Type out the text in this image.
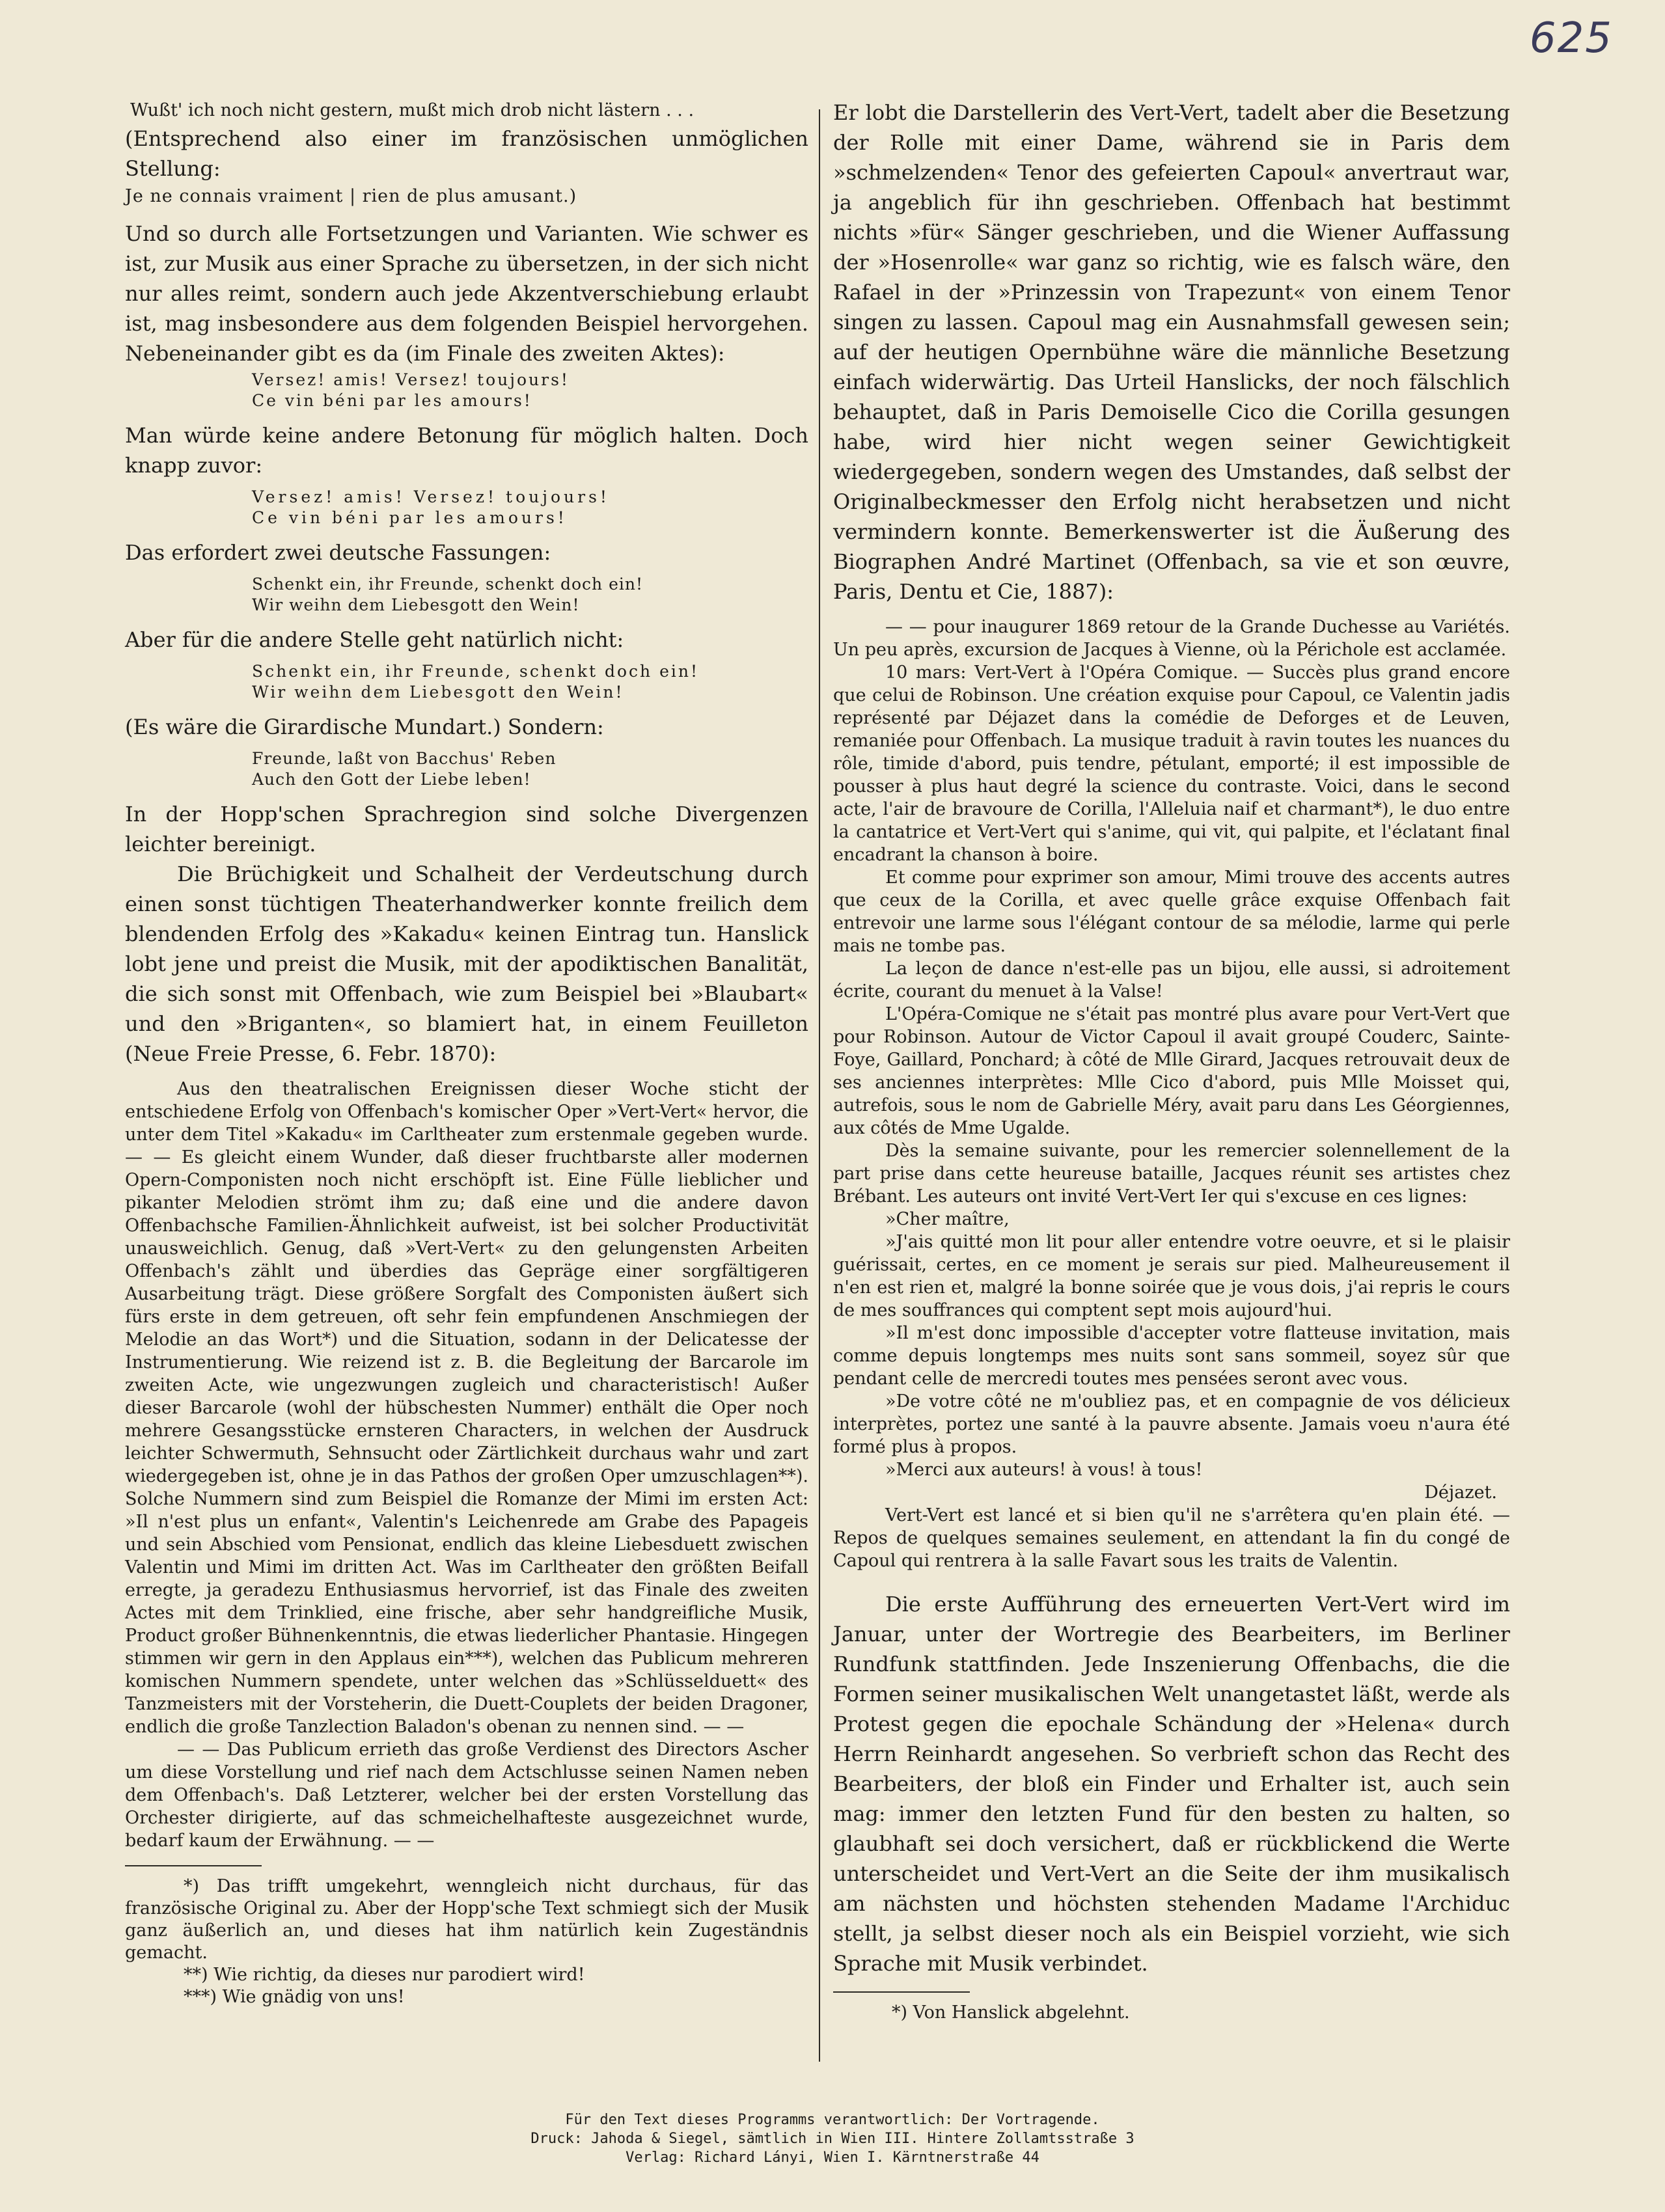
625

Wußt' ich noch nicht gestern, mußt mich drob nicht lästern . . .

(Entsprechend also einer im französischen unmöglichen Stellung:

Je ne connais vraiment | rien de plus amusant.)

Und so durch alle Fortsetzungen und Varianten. Wie schwer es ist, zur Musik aus einer Sprache zu übersetzen, in der sich nicht nur alles reimt, sondern auch jede Akzentverschiebung erlaubt ist, mag insbesondere aus dem folgenden Beispiel hervorgehen. Nebeneinander gibt es da (im Finale des zweiten Aktes):

Versez! amis! Versez! toujours!
Ce vin béni par les amours!

Man würde keine andere Betonung für möglich halten. Doch knapp zuvor:

Versez! amis! Versez! toujours!
Ce vin béni par les amours!

Das erfordert zwei deutsche Fassungen:

Schenkt ein, ihr Freunde, schenkt doch ein!
Wir weihn dem Liebesgott den Wein!

Aber für die andere Stelle geht natürlich nicht:

Schenkt ein, ihr Freunde, schenkt doch ein!
Wir weihn dem Liebesgott den Wein!

(Es wäre die Girardische Mundart.) Sondern:

Freunde, laßt von Bacchus' Reben
Auch den Gott der Liebe leben!

In der Hopp'schen Sprachregion sind solche Divergenzen leichter bereinigt.

Die Brüchigkeit und Schalheit der Verdeutschung durch einen sonst tüchtigen Theaterhandwerker konnte freilich dem blendenden Erfolg des »Kakadu« keinen Eintrag tun. Hanslick lobt jene und preist die Musik, mit der apodiktischen Banalität, die sich sonst mit Offenbach, wie zum Beispiel bei »Blaubart« und den »Briganten«, so blamiert hat, in einem Feuilleton (Neue Freie Presse, 6. Febr. 1870):

Aus den theatralischen Ereignissen dieser Woche sticht der entschiedene Erfolg von Offenbach's komischer Oper »Vert-Vert« hervor, die unter dem Titel »Kakadu« im Carltheater zum erstenmale gegeben wurde. — — Es gleicht einem Wunder, daß dieser fruchtbarste aller modernen Opern-Componisten noch nicht erschöpft ist. Eine Fülle lieblicher und pikanter Melodien strömt ihm zu; daß eine und die andere davon Offenbachsche Familien-Ähnlichkeit aufweist, ist bei solcher Productivität unausweichlich. Genug, daß »Vert-Vert« zu den gelungensten Arbeiten Offenbach's zählt und überdies das Gepräge einer sorgfältigeren Ausarbeitung trägt. Diese größere Sorgfalt des Componisten äußert sich fürs erste in dem getreuen, oft sehr fein empfundenen Anschmiegen der Melodie an das Wort*) und die Situation, sodann in der Delicatesse der Instrumentierung. Wie reizend ist z. B. die Begleitung der Barcarole im zweiten Acte, wie ungezwungen zugleich und characteristisch! Außer dieser Barcarole (wohl der hübschesten Nummer) enthält die Oper noch mehrere Gesangsstücke ernsteren Characters, in welchen der Ausdruck leichter Schwermuth, Sehnsucht oder Zärtlichkeit durchaus wahr und zart wiedergegeben ist, ohne je in das Pathos der großen Oper umzuschlagen**). Solche Nummern sind zum Beispiel die Romanze der Mimi im ersten Act: »Il n'est plus un enfant«, Valentin's Leichenrede am Grabe des Papageis und sein Abschied vom Pensionat, endlich das kleine Liebesduett zwischen Valentin und Mimi im dritten Act. Was im Carltheater den größten Beifall erregte, ja geradezu Enthusiasmus hervorrief, ist das Finale des zweiten Actes mit dem Trinklied, eine frische, aber sehr handgreifliche Musik, Product großer Bühnenkenntnis, die etwas liederlicher Phantasie. Hingegen stimmen wir gern in den Applaus ein***), welchen das Publicum mehreren komischen Nummern spendete, unter welchen das »Schlüsselduett« des Tanzmeisters mit der Vorsteherin, die Duett-Couplets der beiden Dragoner, endlich die große Tanzlection Baladon's obenan zu nennen sind. — —

— — Das Publicum errieth das große Verdienst des Directors Ascher um diese Vorstellung und rief nach dem Actschlusse seinen Namen neben dem Offenbach's. Daß Letzterer, welcher bei der ersten Vorstellung das Orchester dirigierte, auf das schmeichelhafteste ausgezeichnet wurde, bedarf kaum der Erwähnung. — —

*) Das trifft umgekehrt, wenngleich nicht durchaus, für das französische Original zu. Aber der Hopp'sche Text schmiegt sich der Musik ganz äußerlich an, und dieses hat ihm natürlich kein Zugeständnis gemacht.

**) Wie richtig, da dieses nur parodiert wird!

***) Wie gnädig von uns!

Er lobt die Darstellerin des Vert-Vert, tadelt aber die Besetzung der Rolle mit einer Dame, während sie in Paris dem »schmelzenden« Tenor des gefeierten Capoul« anvertraut war, ja angeblich für ihn geschrieben. Offenbach hat bestimmt nichts »für« Sänger geschrieben, und die Wiener Auffassung der »Hosenrolle« war ganz so richtig, wie es falsch wäre, den Rafael in der »Prinzessin von Trapezunt« von einem Tenor singen zu lassen. Capoul mag ein Ausnahmsfall gewesen sein; auf der heutigen Opernbühne wäre die männliche Besetzung einfach widerwärtig. Das Urteil Hanslicks, der noch fälschlich behauptet, daß in Paris Demoiselle Cico die Corilla gesungen habe, wird hier nicht wegen seiner Gewichtigkeit wiedergegeben, sondern wegen des Umstandes, daß selbst der Originalbeckmesser den Erfolg nicht herabsetzen und nicht vermindern konnte. Bemerkenswerter ist die Äußerung des Biographen André Martinet (Offenbach, sa vie et son œuvre, Paris, Dentu et Cie, 1887):

— — pour inaugurer 1869 retour de la Grande Duchesse au Variétés. Un peu après, excursion de Jacques à Vienne, où la Périchole est acclamée.

10 mars: Vert-Vert à l'Opéra Comique. — Succès plus grand encore que celui de Robinson. Une création exquise pour Capoul, ce Valentin jadis représenté par Déjazet dans la comédie de Deforges et de Leuven, remaniée pour Offenbach. La musique traduit à ravin toutes les nuances du rôle, timide d'abord, puis tendre, pétulant, emporté; il est impossible de pousser à plus haut degré la science du contraste. Voici, dans le second acte, l'air de bravoure de Corilla, l'Alleluia naif et charmant*), le duo entre la cantatrice et Vert-Vert qui s'anime, qui vit, qui palpite, et l'éclatant final encadrant la chanson à boire.

Et comme pour exprimer son amour, Mimi trouve des accents autres que ceux de la Corilla, et avec quelle grâce exquise Offenbach fait entrevoir une larme sous l'élégant contour de sa mélodie, larme qui perle mais ne tombe pas.

La leçon de dance n'est-elle pas un bijou, elle aussi, si adroitement écrite, courant du menuet à la Valse!

L'Opéra-Comique ne s'était pas montré plus avare pour Vert-Vert que pour Robinson. Autour de Victor Capoul il avait groupé Couderc, Sainte-Foye, Gaillard, Ponchard; à côté de Mlle Girard, Jacques retrouvait deux de ses anciennes interprètes: Mlle Cico d'abord, puis Mlle Moisset qui, autrefois, sous le nom de Gabrielle Méry, avait paru dans Les Géorgiennes, aux côtés de Mme Ugalde.

Dès la semaine suivante, pour les remercier solennellement de la part prise dans cette heureuse bataille, Jacques réunit ses artistes chez Brébant. Les auteurs ont invité Vert-Vert Ier qui s'excuse en ces lignes:

»Cher maître,

»J'ais quitté mon lit pour aller entendre votre oeuvre, et si le plaisir guérissait, certes, en ce moment je serais sur pied. Malheureusement il n'en est rien et, malgré la bonne soirée que je vous dois, j'ai repris le cours de mes souffrances qui comptent sept mois aujourd'hui.

»Il m'est donc impossible d'accepter votre flatteuse invitation, mais comme depuis longtemps mes nuits sont sans sommeil, soyez sûr que pendant celle de mercredi toutes mes pensées seront avec vous.

»De votre côté ne m'oubliez pas, et en compagnie de vos délicieux interprètes, portez une santé à la pauvre absente. Jamais voeu n'aura été formé plus à propos.

»Merci aux auteurs! à vous! à tous!

Déjazet.

Vert-Vert est lancé et si bien qu'il ne s'arrêtera qu'en plain été. — Repos de quelques semaines seulement, en attendant la fin du congé de Capoul qui rentrera à la salle Favart sous les traits de Valentin.

Die erste Aufführung des erneuerten Vert-Vert wird im Januar, unter der Wortregie des Bearbeiters, im Berliner Rundfunk stattfinden. Jede Inszenierung Offenbachs, die die Formen seiner musikalischen Welt unangetastet läßt, werde als Protest gegen die epochale Schändung der »Helena« durch Herrn Reinhardt angesehen. So verbrieft schon das Recht des Bearbeiters, der bloß ein Finder und Erhalter ist, auch sein mag: immer den letzten Fund für den besten zu halten, so glaubhaft sei doch versichert, daß er rückblickend die Werte unterscheidet und Vert-Vert an die Seite der ihm musikalisch am nächsten und höchsten stehenden Madame l'Archiduc stellt, ja selbst dieser noch als ein Beispiel vorzieht, wie sich Sprache mit Musik verbindet.

*) Von Hanslick abgelehnt.

Für den Text dieses Programms verantwortlich: Der Vortragende.
Druck: Jahoda & Siegel, sämtlich in Wien III. Hintere Zollamtsstraße 3
Verlag: Richard Lányi, Wien I. Kärntnerstraße 44
